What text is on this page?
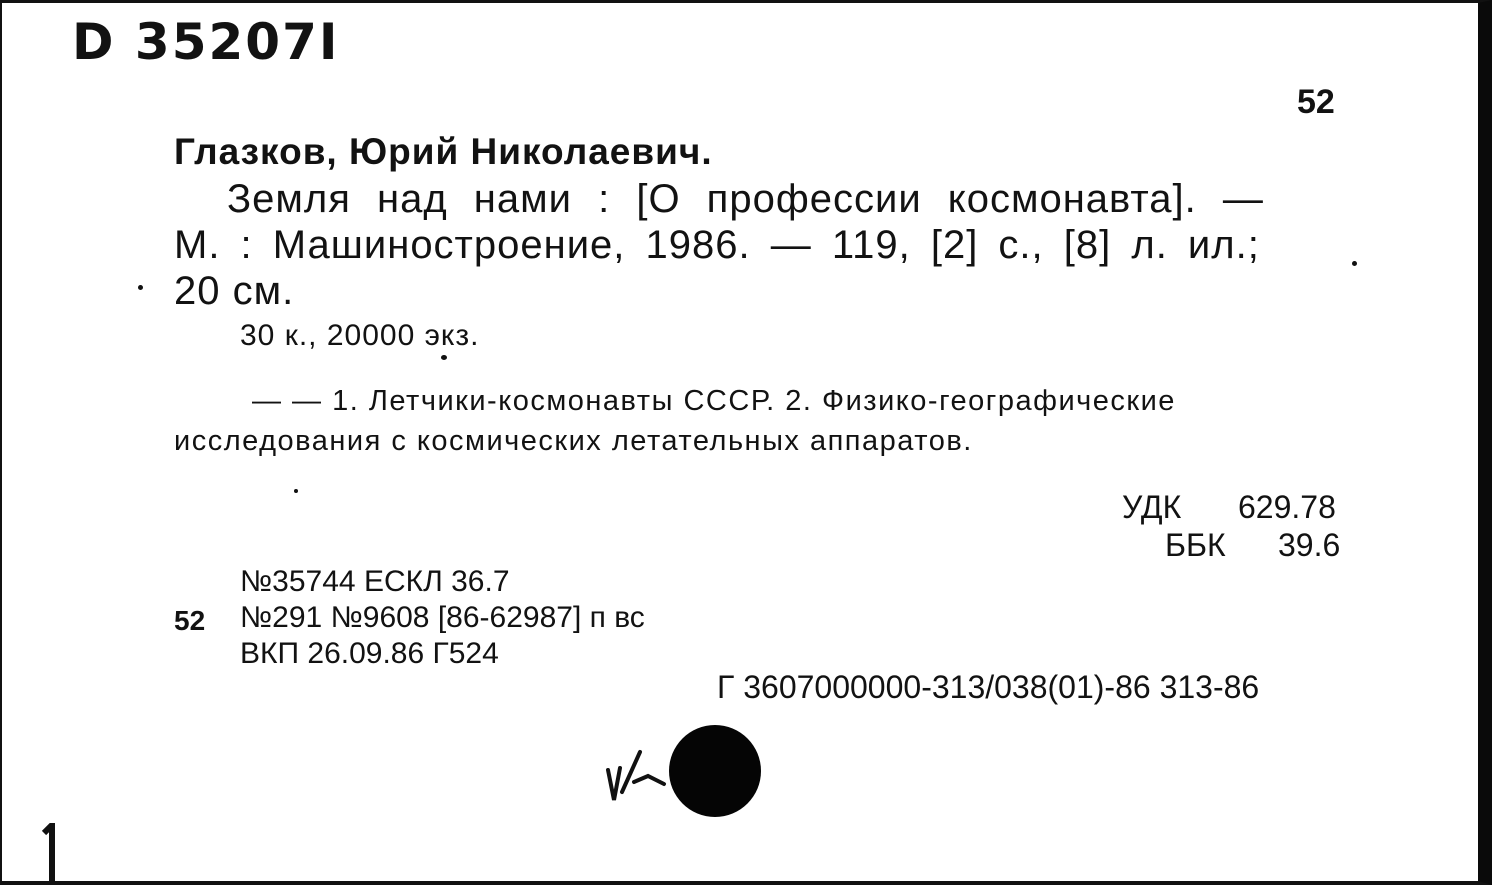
D 35207I
52
Глазков, Юрий Николаевич.
Земля над нами : [О профессии космонавта]. —
М. : Машиностроение, 1986. — 119, [2] с., [8] л. ил.;
20 см.
30 к., 20000 экз.
— — 1. Летчики-космонавты СССР. 2. Физико-географические
исследования с космических летательных аппаратов.
УДК 629.78
ББК 39.6
№35744 ЕСКЛ 36.7
52 №291 №9608 [86-62987] п вс
ВКП 26.09.86 Г524
Г 3607000000-313/038(01)-86 313-86
